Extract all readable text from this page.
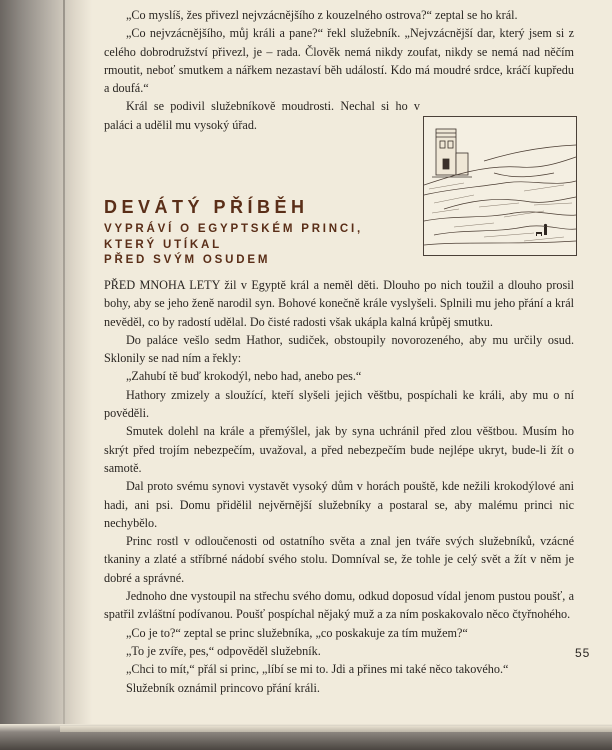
„Co myslíš, žes přivezl nejvzácnějšího z kouzelného ostrova?“ zeptal se ho král.

„Co nejvzácnějšího, můj králi a pane?“ řekl služebník. „Nejvzácnější dar, který jsem si z celého dobrodružství přivezl, je – rada. Člověk nemá nikdy zoufat, nikdy se nemá nad něčím rmoutit, neboť smutkem a nářkem nezastaví běh událostí. Kdo má moudré srdce, kráčí kupředu a doufá.“

Král se podivil služebníkově moudrosti. Nechal si ho v paláci a udělil mu vysoký úřad.

DEVÁTÝ PŘÍBĚH
VYPRÁVÍ O EGYPTSKÉM PRINCI,
KTERÝ UTÍKAL
PŘED SVÝM OSUDEM

PŘED MNOHA LETY žil v Egyptě král a neměl děti. Dlouho po nich toužil a dlouho prosil bohy, aby se jeho ženě narodil syn. Bohové konečně krále vyslyšeli. Splnili mu jeho přání a král nevěděl, co by radostí udělal. Do čisté radosti však ukápla kalná krůpěj smutku.

Do paláce vešlo sedm Hathor, sudiček, obstoupily novorozeného, aby mu určily osud. Sklonily se nad ním a řekly:

„Zahubí tě buď krokodýl, nebo had, anebo pes.“

Hathory zmizely a sloužící, kteří slyšeli jejich věštbu, pospíchali ke králi, aby mu o ní pověděli.

Smutek dolehl na krále a přemýšlel, jak by syna uchránil před zlou věštbou. Musím ho skrýt před trojím nebezpečím, uvažoval, a před nebezpečím bude nejlépe ukryt, bude-li žít o samotě.

Dal proto svému synovi vystavět vysoký dům v horách pouště, kde nežili krokodýlové ani hadi, ani psi. Domu přidělil nejvěrnější služebníky a postaral se, aby malému princi nic nechybělo.

Princ rostl v odloučenosti od ostatního světa a znal jen tváře svých služebníků, vzácné tkaniny a zlaté a stříbrné nádobí svého stolu. Domníval se, že tohle je celý svět a žít v něm je dobré a správné.

Jednoho dne vystoupil na střechu svého domu, odkud doposud vídal jenom pustou poušť, a spatřil zvláštní podívanou. Poušť pospíchal nějaký muž a za ním poskakovalo něco čtyřnohého.

„Co je to?“ zeptal se princ služebníka, „co poskakuje za tím mužem?“

„To je zvíře, pes,“ odpověděl služebník.

„Chci to mít,“ přál si princ, „líbí se mi to. Jdi a přines mi také něco takového.“

Služebník oznámil princovo přání králi.

55
